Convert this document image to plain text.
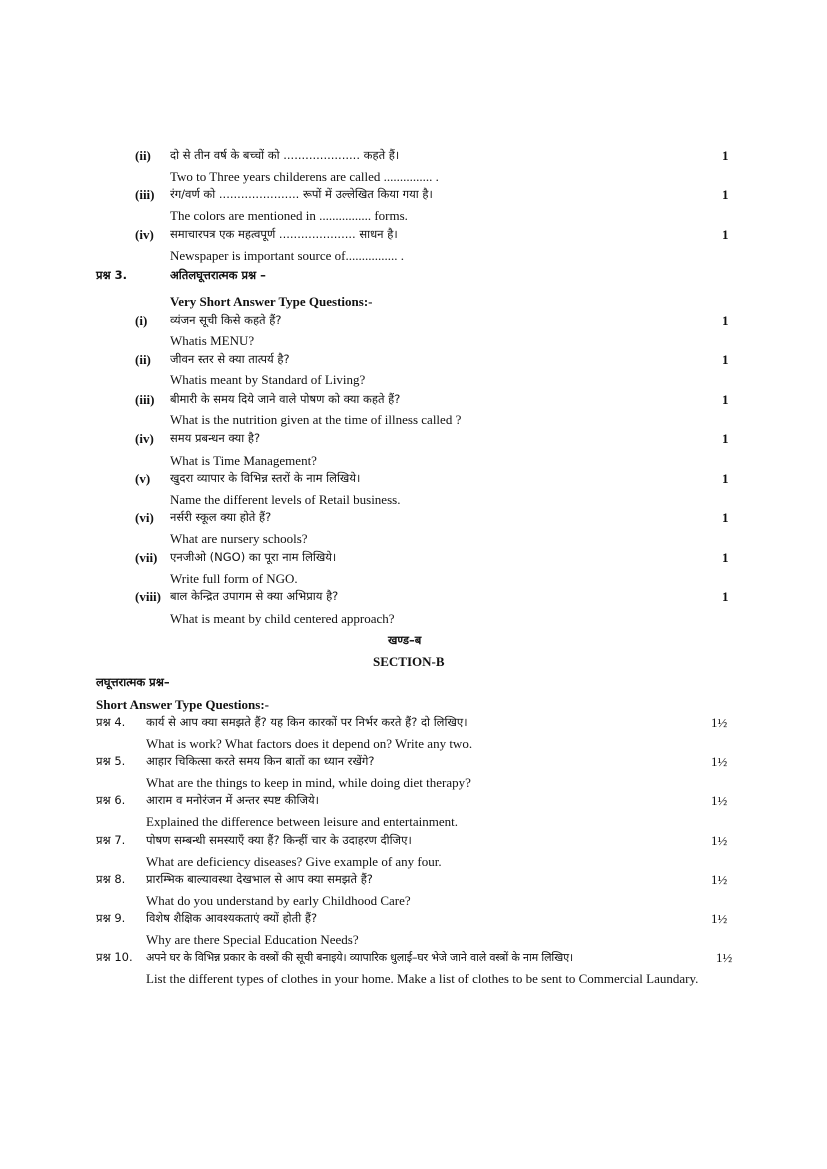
(ii) दो से तीन वर्ष के बच्चों को ..................... कहते हैं।	1
Two to Three years childerens are called ............... .
(iii) रंग/वर्ण को ...................... रूपों में उल्लेखित किया गया है।	1
The colors are mentioned in ................ forms.
(iv) समाचारपत्र एक महत्वपूर्ण ..................... साधन है।	1
Newspaper is important source of................ .
प्रश्न 3.	अतिलघूत्तरात्मक प्रश्न –
Very Short Answer Type Questions:-
(i) व्यंजन सूची किसे कहते हैं?	1
Whatis MENU?
(ii) जीवन स्तर से क्या तात्पर्य है?	1
Whatis meant by Standard of Living?
(iii) बीमारी के समय दिये जाने वाले पोषण को क्या कहते हैं?	1
What is the nutrition given at the time of illness called ?
(iv) समय प्रबन्धन क्या है?	1
What is Time Management?
(v) खुदरा व्यापार के विभिन्न स्तरों के नाम लिखिये।	1
Name the different levels of Retail business.
(vi) नर्सरी स्कूल क्या होते हैं?	1
What are nursery schools?
(vii) एनजीओ (NGO) का पूरा नाम लिखिये।	1
Write full form of NGO.
(viii) बाल केन्द्रित उपागम से क्या अभिप्राय है?	1
What is meant by child centered approach?
खण्ड–ब
SECTION-B
लघूत्तरात्मक प्रश्न–
Short Answer Type Questions:-
प्रश्न 4. कार्य से आप क्या समझते हैं? यह किन कारकों पर निर्भर करते हैं? दो लिखिए।	1½
What is work? What factors does it depend on? Write any two.
प्रश्न 5. आहार चिकित्सा करते समय किन बातों का ध्यान रखेंगे?	1½
What are the things to keep in mind, while doing diet therapy?
प्रश्न 6. आराम व मनोरंजन में अन्तर स्पष्ट कीजिये।	1½
Explained the difference between leisure and entertainment.
प्रश्न 7. पोषण सम्बन्धी समस्याएँ क्या हैं? किन्हीं चार के उदाहरण दीजिए।	1½
What are deficiency diseases? Give example of any four.
प्रश्न 8. प्रारम्भिक बाल्यावस्था देखभाल से आप क्या समझते हैं?	1½
What do you understand by early Childhood Care?
प्रश्न 9. विशेष शैक्षिक आवश्यकताएं क्यों होती हैं?	1½
Why are there Special Education Needs?
प्रश्न 10. अपने घर के विभिन्न प्रकार के वस्त्रों की सूची बनाइये। व्यापारिक धुलाई–घर भेजे जाने वाले वस्त्रों के नाम लिखिए।	1½
List the different types of clothes in your home. Make a list of clothes to be sent to Commercial Laundary.
